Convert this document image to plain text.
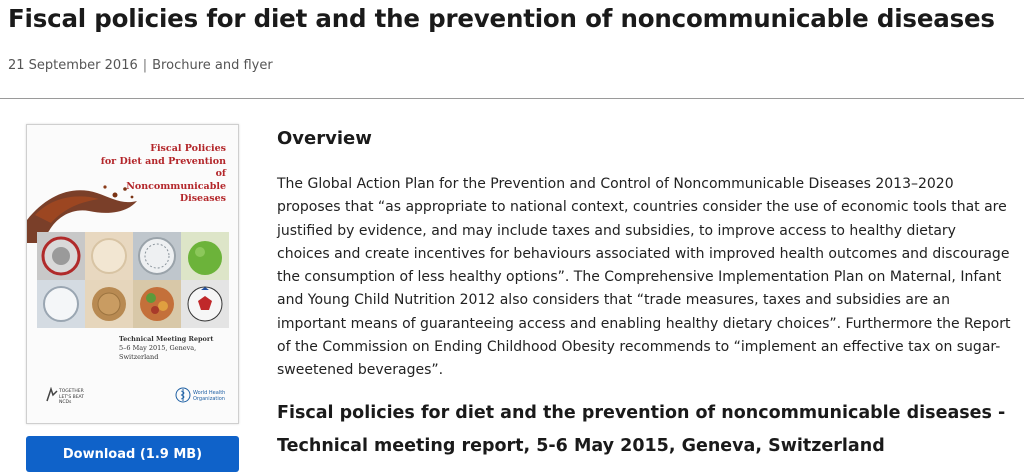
Fiscal policies for diet and the prevention of noncommunicable diseases
21 September 2016 | Brochure and flyer
Fiscal Policies
for Diet and Prevention of
Noncommunicable
Diseases
Technical Meeting Report
5–6 May 2015, Geneva, Switzerland
TOGETHER
LET'S BEAT NCDs
World Health
Organization
Download (1.9 MB)
Overview

The Global Action Plan for the Prevention and Control of Noncommunicable Diseases 2013–2020 proposes that “as appropriate to national context, countries consider the use of economic tools that are justified by evidence, and may include taxes and subsidies, to improve access to healthy dietary choices and create incentives for behaviours associated with improved health outcomes and discourage the consumption of less healthy options”. The Comprehensive Implementation Plan on Maternal, Infant and Young Child Nutrition 2012 also considers that “trade measures, taxes and subsidies are an important means of guaranteeing access and enabling healthy dietary choices”. Furthermore the Report of the Commission on Ending Childhood Obesity recommends to “implement an effective tax on sugar-sweetened beverages”.

Fiscal policies for diet and the prevention of noncommunicable diseases - Technical meeting report, 5-6 May 2015, Geneva, Switzerland
